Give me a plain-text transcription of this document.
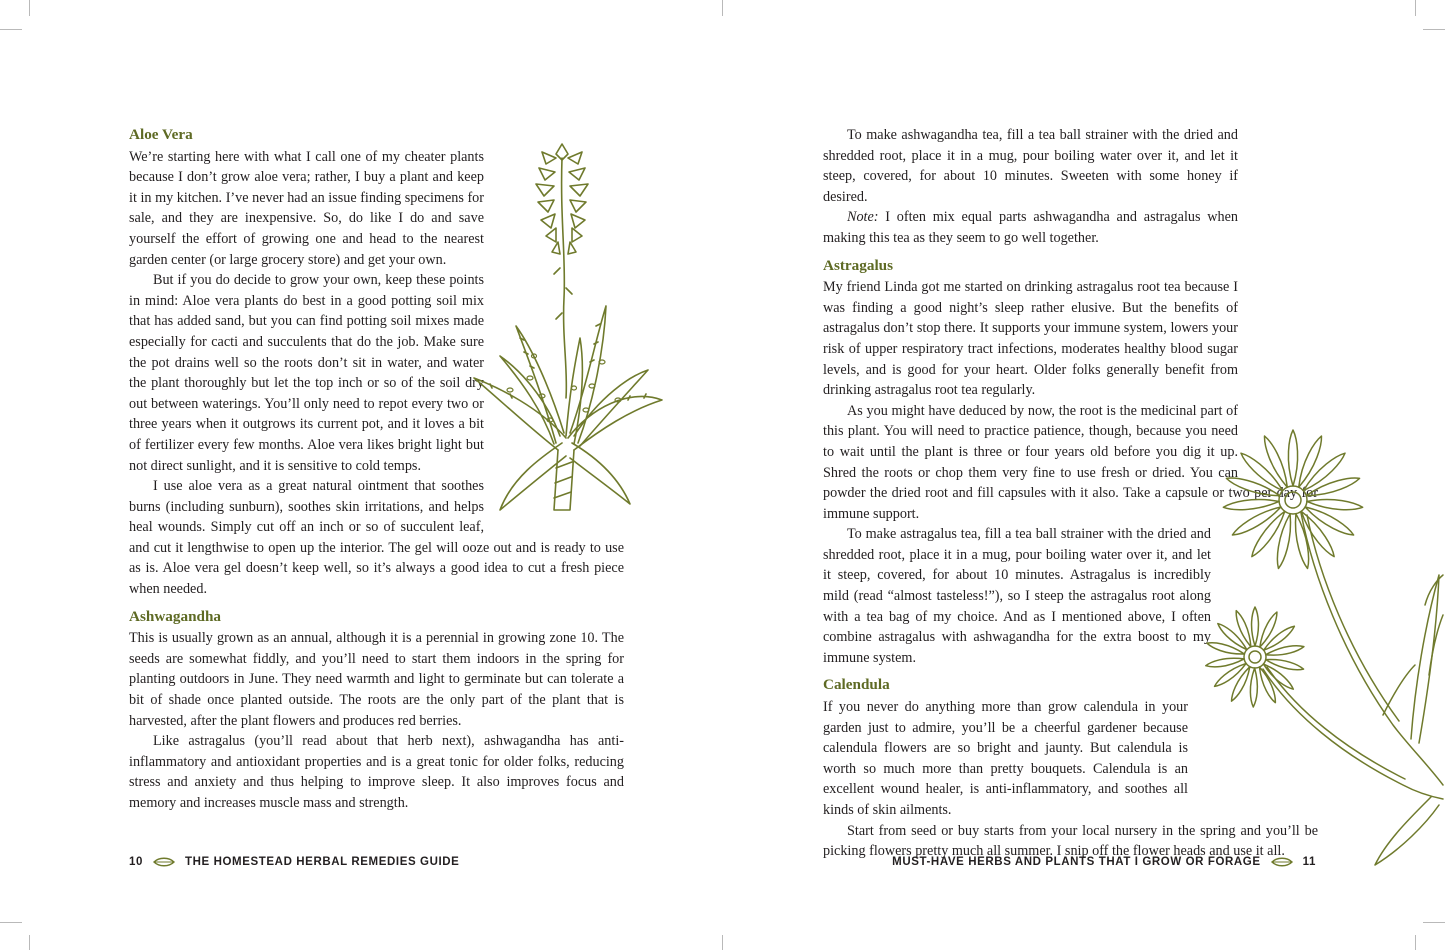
Aloe Vera

We’re starting here with what I call one of my cheater plants because I don’t grow aloe vera; rather, I buy a plant and keep it in my kitchen. I’ve never had an issue finding specimens for sale, and they are inexpensive. So, do like I do and save yourself the effort of growing one and head to the nearest garden center (or large grocery store) and get your own.

But if you do decide to grow your own, keep these points in mind: Aloe vera plants do best in a good potting soil mix that has added sand, but you can find potting soil mixes made especially for cacti and succulents that do the job. Make sure the pot drains well so the roots don’t sit in water, and water the plant thoroughly but let the top inch or so of the soil dry out between waterings. You’ll only need to repot every two or three years when it outgrows its current pot, and it loves a bit of fertilizer every few months. Aloe vera likes bright light but not direct sunlight, and it is sensitive to cold temps.

I use aloe vera as a great natural ointment that soothes burns (including sunburn), soothes skin irritations, and helps heal wounds. Simply cut off an inch or so of succulent leaf, and cut it lengthwise to open up the interior. The gel will ooze out and is ready to use as is. Aloe vera gel doesn’t keep well, so it’s always a good idea to cut a fresh piece when needed.

Ashwagandha

This is usually grown as an annual, although it is a perennial in growing zone 10. The seeds are somewhat fiddly, and you’ll need to start them indoors in the spring for planting outdoors in June. They need warmth and light to germinate but can tolerate a bit of shade once planted outside. The roots are the only part of the plant that is harvested, after the plant flowers and produces red berries.

Like astragalus (you’ll read about that herb next), ashwagandha has anti-inflammatory and antioxidant properties and is a great tonic for older folks, reducing stress and anxiety and thus helping to improve sleep. It also improves focus and memory and increases muscle mass and strength.

10	THE HOMESTEAD HERBAL REMEDIES GUIDE

To make ashwagandha tea, fill a tea ball strainer with the dried and shredded root, place it in a mug, pour boiling water over it, and let it steep, covered, for about 10 minutes. Sweeten with some honey if desired.

Note: I often mix equal parts ashwagandha and astragalus when making this tea as they seem to go well together.

Astragalus

My friend Linda got me started on drinking astragalus root tea because I was finding a good night’s sleep rather elusive. But the benefits of astragalus don’t stop there. It supports your immune system, lowers your risk of upper respiratory tract infections, moderates healthy blood sugar levels, and is good for your heart. Older folks generally benefit from drinking astragalus root tea regularly.

As you might have deduced by now, the root is the medicinal part of this plant. You will need to practice patience, though, because you need to wait until the plant is three or four years old before you dig it up. Shred the roots or chop them very fine to use fresh or dried. You can powder the dried root and fill capsules with it also. Take a capsule or two per day for immune support.

To make astragalus tea, fill a tea ball strainer with the dried and shredded root, place it in a mug, pour boiling water over it, and let it steep, covered, for about 10 minutes. Astragalus is incredibly mild (read “almost tasteless!”), so I steep the astragalus root along with a tea bag of my choice. And as I mentioned above, I often combine astragalus with ashwagandha for the extra boost to my immune system.

Calendula

If you never do anything more than grow calendula in your garden just to admire, you’ll be a cheerful gardener because calendula flowers are so bright and jaunty. But calendula is worth so much more than pretty bouquets. Calendula is an excellent wound healer, is anti-inflammatory, and soothes all kinds of skin ailments.

Start from seed or buy starts from your local nursery in the spring and you’ll be picking flowers pretty much all summer. I snip off the flower heads and use it all.

MUST-HAVE HERBS AND PLANTS THAT I GROW OR FORAGE	11
